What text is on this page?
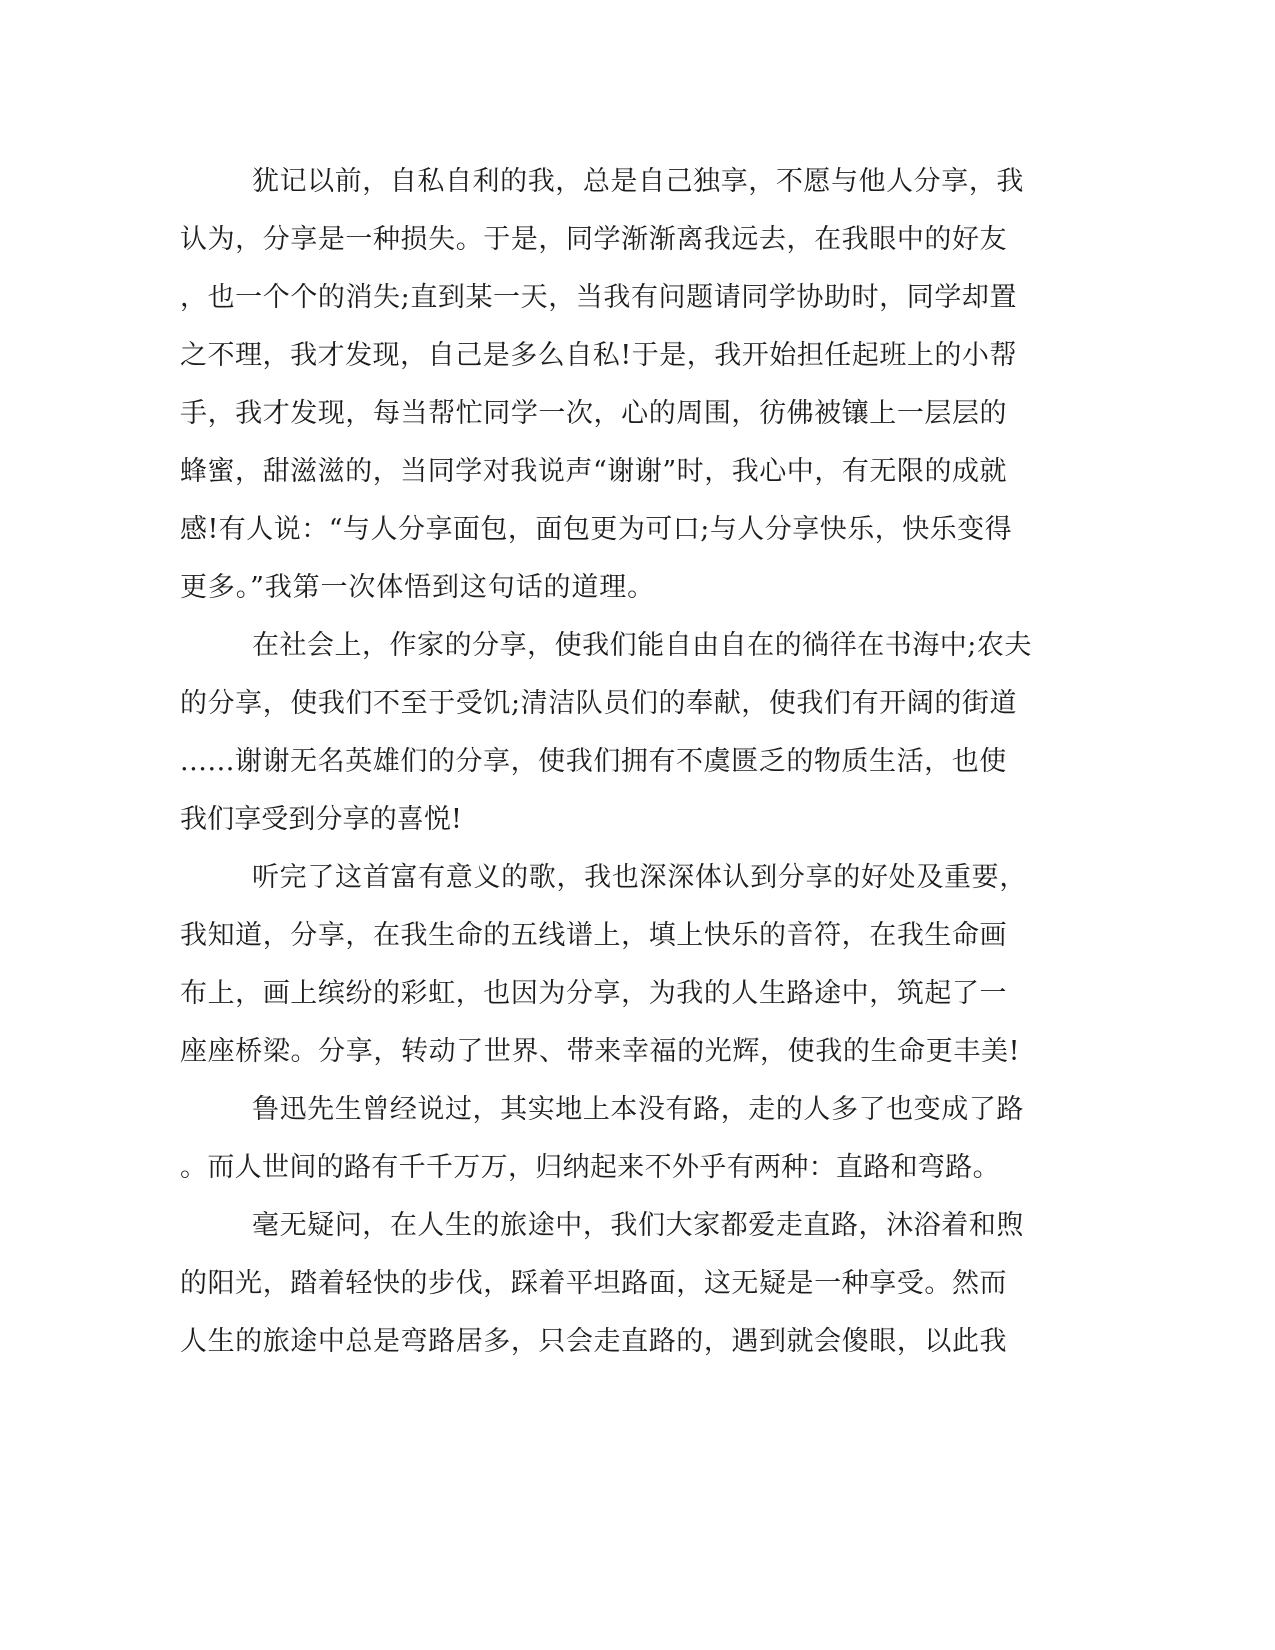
犹记以前，自私自利的我，总是自己独享，不愿与他人分享，我
认为，分享是一种损失。于是，同学渐渐离我远去，在我眼中的好友
，也一个个的消失;直到某一天，当我有问题请同学协助时，同学却置
之不理，我才发现，自己是多么自私!于是，我开始担任起班上的小帮
手，我才发现，每当帮忙同学一次，心的周围，彷佛被镶上一层层的
蜂蜜，甜滋滋的，当同学对我说声“谢谢”时，我心中，有无限的成就
感!有人说：“与人分享面包，面包更为可口;与人分享快乐，快乐变得
更多。”我第一次体悟到这句话的道理。
在社会上，作家的分享，使我们能自由自在的徜徉在书海中;农夫
的分享，使我们不至于受饥;清洁队员们的奉献，使我们有开阔的街道
......谢谢无名英雄们的分享，使我们拥有不虞匮乏的物质生活，也使
我们享受到分享的喜悦!
听完了这首富有意义的歌，我也深深体认到分享的好处及重要，
我知道，分享，在我生命的五线谱上，填上快乐的音符，在我生命画
布上，画上缤纷的彩虹，也因为分享，为我的人生路途中，筑起了一
座座桥梁。分享，转动了世界、带来幸福的光辉，使我的生命更丰美!
鲁迅先生曾经说过，其实地上本没有路，走的人多了也变成了路
。而人世间的路有千千万万，归纳起来不外乎有两种：直路和弯路。
毫无疑问，在人生的旅途中，我们大家都爱走直路，沐浴着和煦
的阳光，踏着轻快的步伐，踩着平坦路面，这无疑是一种享受。然而
人生的旅途中总是弯路居多，只会走直路的，遇到就会傻眼，以此我
